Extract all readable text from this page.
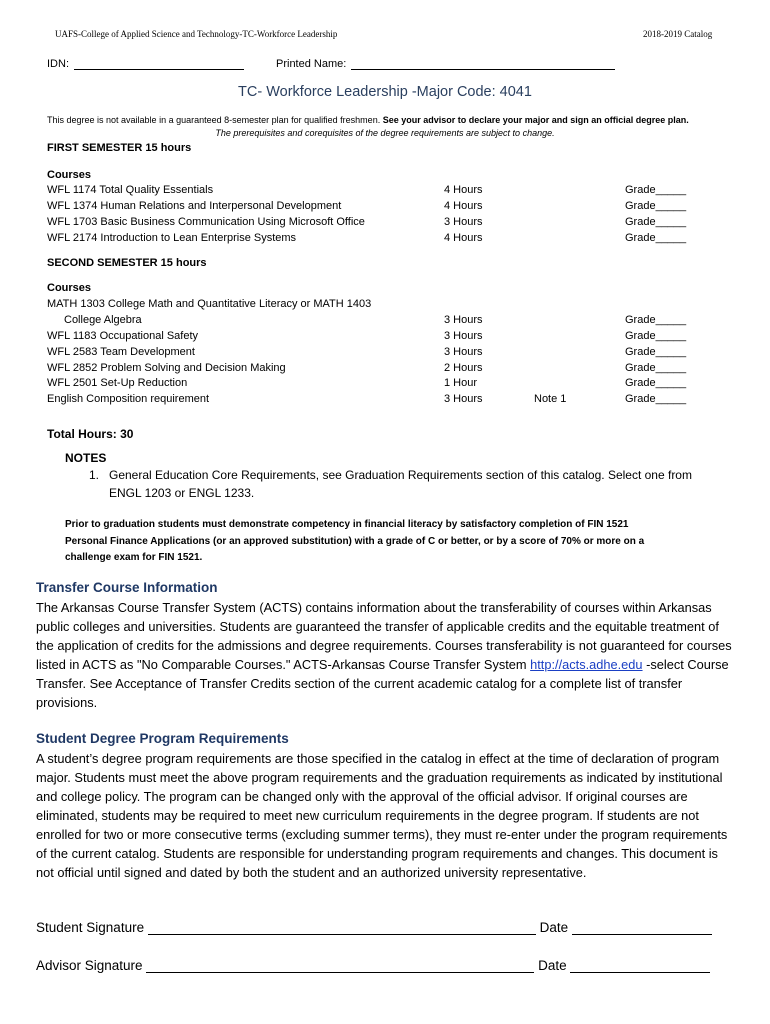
UAFS-College of Applied Science and Technology-TC-Workforce Leadership	2018-2019 Catalog
IDN:	Printed Name:
TC- Workforce Leadership -Major Code: 4041
This degree is not available in a guaranteed 8-semester plan for qualified freshmen. See your advisor to declare your major and sign an official degree plan.
The prerequisites and corequisites of the degree requirements are subject to change.
FIRST SEMESTER 15 hours
Courses
WFL 1174 Total Quality Essentials	4 Hours	Grade_____
WFL 1374 Human Relations and Interpersonal Development	4 Hours	Grade_____
WFL 1703 Basic Business Communication Using Microsoft Office	3 Hours	Grade_____
WFL 2174 Introduction to Lean Enterprise Systems	4 Hours	Grade_____
SECOND SEMESTER 15 hours
Courses
MATH 1303 College Math and Quantitative Literacy or MATH 1403
College Algebra	3 Hours	Grade_____
WFL 1183 Occupational Safety	3 Hours	Grade_____
WFL 2583 Team Development	3 Hours	Grade_____
WFL 2852 Problem Solving and Decision Making	2 Hours	Grade_____
WFL 2501 Set-Up Reduction	1 Hour	Grade_____
English Composition requirement	3 Hours	Note 1	Grade_____
Total Hours: 30
NOTES
1. General Education Core Requirements, see Graduation Requirements section of this catalog. Select one from
ENGL 1203 or ENGL 1233.
Prior to graduation students must demonstrate competency in financial literacy by satisfactory completion of FIN 1521
Personal Finance Applications (or an approved substitution) with a grade of C or better, or by a score of 70% or more on a
challenge exam for FIN 1521.
Transfer Course Information
The Arkansas Course Transfer System (ACTS) contains information about the transferability of courses within Arkansas public colleges and universities. Students are guaranteed the transfer of applicable credits and the equitable treatment of the application of credits for the admissions and degree requirements. Courses transferability is not guaranteed for courses listed in ACTS as "No Comparable Courses." ACTS-Arkansas Course Transfer System http://acts.adhe.edu -select Course Transfer. See Acceptance of Transfer Credits section of the current academic catalog for a complete list of transfer provisions.
Student Degree Program Requirements
A student’s degree program requirements are those specified in the catalog in effect at the time of declaration of program major. Students must meet the above program requirements and the graduation requirements as indicated by institutional and college policy. The program can be changed only with the approval of the official advisor. If original courses are eliminated, students may be required to meet new curriculum requirements in the degree program. If students are not enrolled for two or more consecutive terms (excluding summer terms), they must re-enter under the program requirements of the current catalog. Students are responsible for understanding program requirements and changes. This document is not official until signed and dated by both the student and an authorized university representative.
Student Signature	Date
Advisor Signature	Date
